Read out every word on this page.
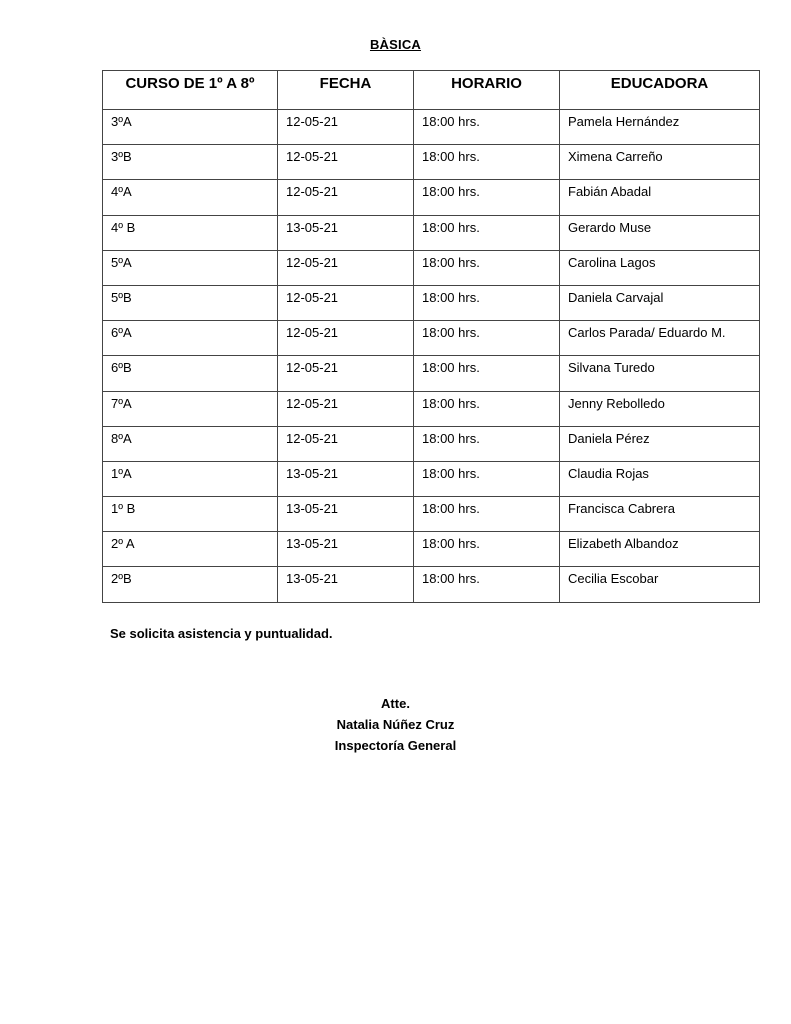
BÀSICA
CURSO DE 1º A 8º	FECHA	HORARIO	EDUCADORA
3ºA	12-05-21	18:00 hrs.	Pamela Hernández
3ºB	12-05-21	18:00 hrs.	Ximena Carreño
4ºA	12-05-21	18:00 hrs.	Fabián Abadal
4º B	13-05-21	18:00 hrs.	Gerardo Muse
5ºA	12-05-21	18:00 hrs.	Carolina Lagos
5ºB	12-05-21	18:00 hrs.	Daniela Carvajal
6ºA	12-05-21	18:00 hrs.	Carlos Parada/ Eduardo M.
6ºB	12-05-21	18:00 hrs.	Silvana Turedo
7ºA	12-05-21	18:00 hrs.	Jenny Rebolledo
8ºA	12-05-21	18:00 hrs.	Daniela Pérez
1ºA	13-05-21	18:00 hrs.	Claudia Rojas
1º B	13-05-21	18:00 hrs.	Francisca Cabrera
2º A	13-05-21	18:00 hrs.	Elizabeth Albandoz
2ºB	13-05-21	18:00 hrs.	Cecilia Escobar
Se solicita asistencia y puntualidad.
Atte.
Natalia Núñez Cruz
Inspectoría General
